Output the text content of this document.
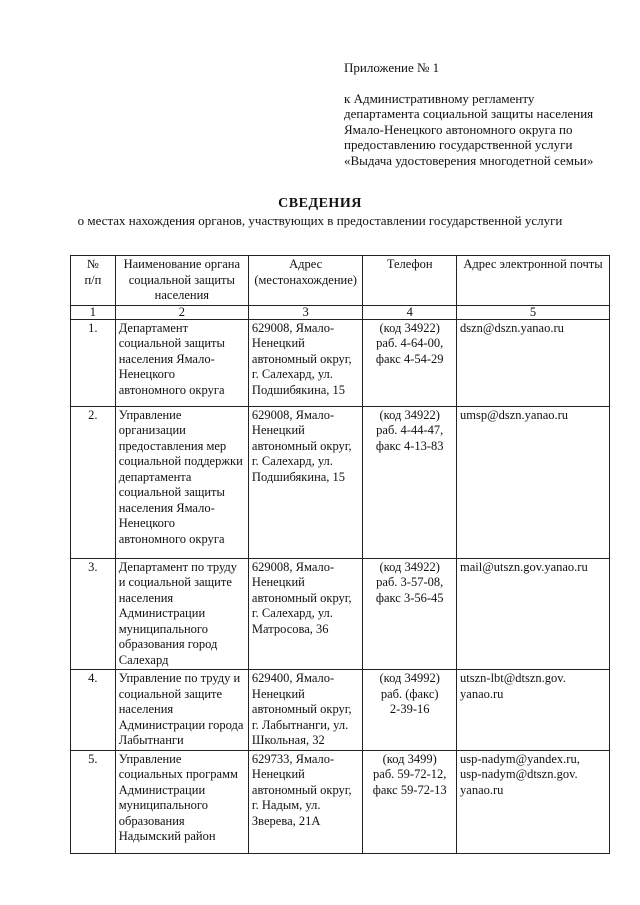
Приложение № 1
к Административному регламенту департамента социальной защиты населения Ямало-Ненецкого автономного округа по предоставлению государственной услуги «Выдача удостоверения многодетной семьи»
СВЕДЕНИЯ
о местах нахождения органов, участвующих в предоставлении государственной услуги
№
п/п	Наименование органа социальной защиты населения	Адрес (местонахождение)	Телефон	Адрес электронной почты
1	2	3	4	5
1.	Департамент социальной защиты населения Ямало-Ненецкого автономного округа	629008, Ямало-Ненецкий автономный округ, г. Салехард, ул. Подшибякина, 15	(код 34922)
раб. 4-64-00,
факс 4-54-29	dszn@dszn.yanao.ru
2.	Управление организации предоставления мер социальной поддержки департамента социальной защиты населения Ямало-Ненецкого автономного округа	629008, Ямало-Ненецкий автономный округ, г. Салехард, ул. Подшибякина, 15	(код 34922)
раб. 4-44-47,
факс 4-13-83	umsp@dszn.yanao.ru
3.	Департамент по труду и социальной защите населения Администрации муниципального образования город Салехард	629008, Ямало-Ненецкий автономный округ, г. Салехард, ул. Матросова, 36	(код 34922)
раб. 3-57-08,
факс 3-56-45	mail@utszn.gov.yanao.ru
4.	Управление по труду и социальной защите населения Администрации города Лабытнанги	629400, Ямало-Ненецкий автономный округ, г. Лабытнанги, ул. Школьная, 32	(код 34992)
раб. (факс)
2-39-16	utszn-lbt@dtszn.gov.
yanao.ru
5.	Управление социальных программ Администрации муниципального образования Надымский район	629733, Ямало-Ненецкий автономный округ, г. Надым, ул. Зверева, 21А	(код 3499)
раб. 59-72-12,
факс 59-72-13	usp-nadym@yandex.ru,
usp-nadym@dtszn.gov.
yanao.ru
